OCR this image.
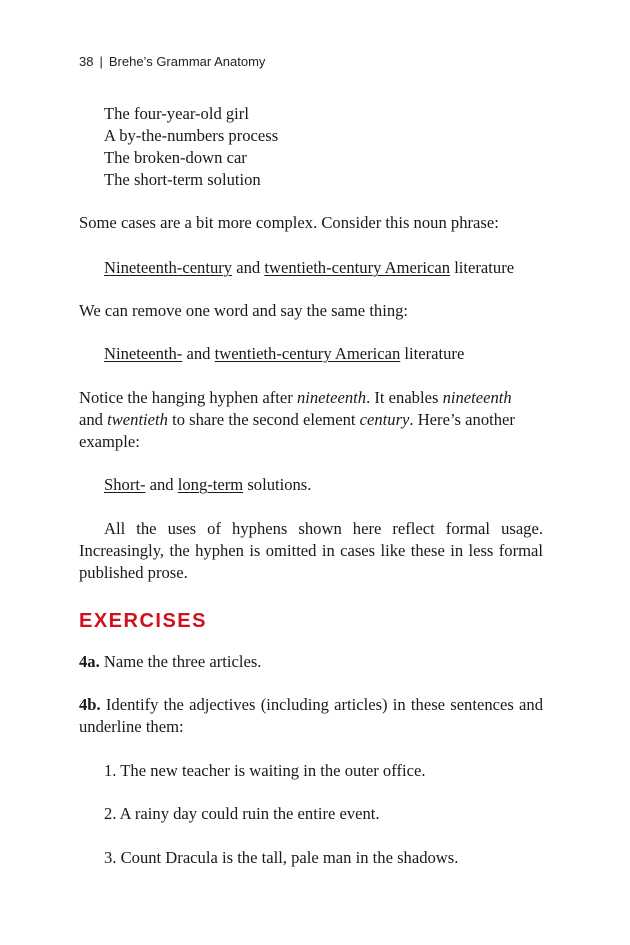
38 | Brehe’s Grammar Anatomy
The four-year-old girl
A by-the-numbers process
The broken-down car
The short-term solution
Some cases are a bit more complex. Consider this noun phrase:
Nineteenth-century and twentieth-century American literature
We can remove one word and say the same thing:
Nineteenth- and twentieth-century American literature
Notice the hanging hyphen after nineteenth. It enables nineteenth
and twentieth to share the second element century. Here’s another
example:
Short- and long-term solutions.
All the uses of hyphens shown here reflect formal usage. Increasingly, the hyphen is omitted in cases like these in less formal published prose.
EXERCISES
4a. Name the three articles.
4b. Identify the adjectives (including articles) in these sentences and underline them:
1. The new teacher is waiting in the outer office.
2. A rainy day could ruin the entire event.
3. Count Dracula is the tall, pale man in the shadows.
